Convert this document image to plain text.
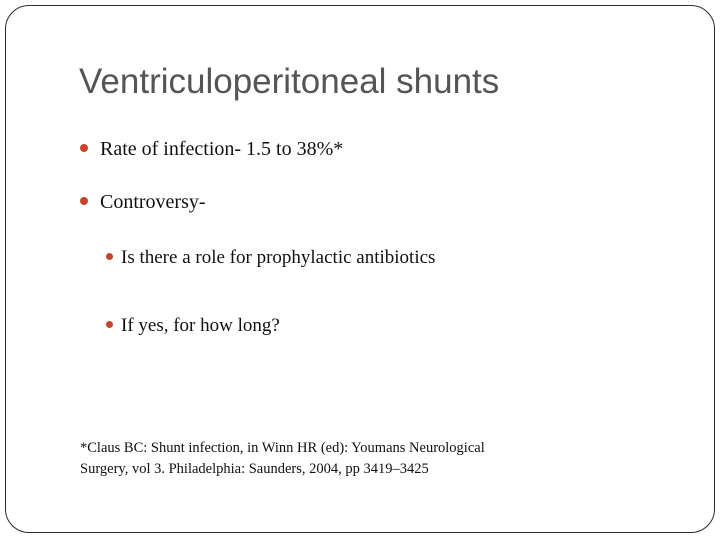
Ventriculoperitoneal shunts
Rate of infection- 1.5 to 38%*
Controversy-
Is there a role for prophylactic antibiotics
If yes, for how long?
*Claus BC: Shunt infection, in Winn HR (ed): Youmans Neurological
Surgery, vol 3. Philadelphia: Saunders, 2004, pp 3419–3425
